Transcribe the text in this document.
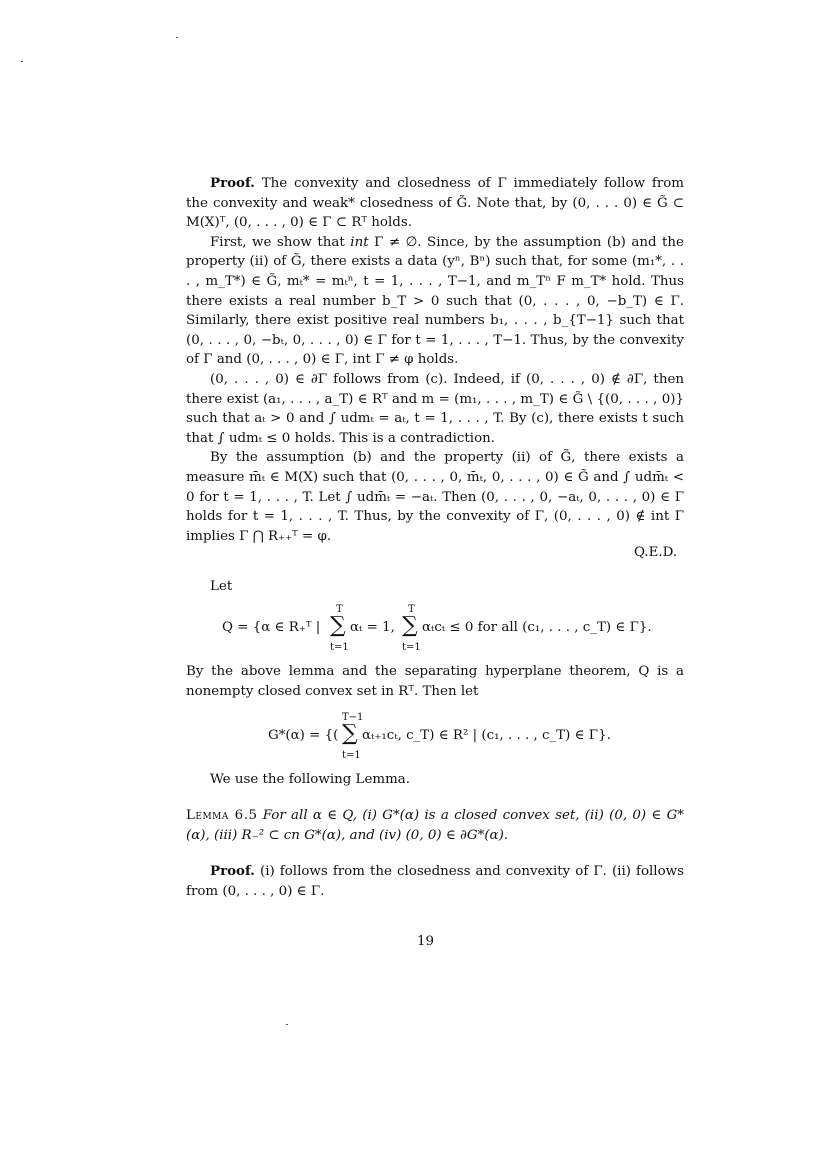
Proof. The convexity and closedness of Γ immediately follow from the convexity and weak* closedness of G̃. Note that, by (0, . . . 0) ∈ G̃ ⊂ M(X)ᵀ, (0, . . . , 0) ∈ Γ ⊂ Rᵀ holds.

First, we show that int Γ ≠ ∅. Since, by the assumption (b) and the property (ii) of G̃, there exists a data (yⁿ, Bⁿ) such that, for some (m₁*, . . . , m_T*) ∈ G̃, mₜ* = mₜⁿ, t = 1, . . . , T−1, and m_Tⁿ F m_T* hold. Thus there exists a real number b_T > 0 such that (0, . . . , 0, −b_T) ∈ Γ. Similarly, there exist positive real numbers b₁, . . . , b_{T−1} such that (0, . . . , 0, −bₜ, 0, . . . , 0) ∈ Γ for t = 1, . . . , T−1. Thus, by the convexity of Γ and (0, . . . , 0) ∈ Γ, int Γ ≠ φ holds.

(0, . . . , 0) ∈ ∂Γ follows from (c). Indeed, if (0, . . . , 0) ∉ ∂Γ, then there exist (a₁, . . . , a_T) ∈ Rᵀ and m = (m₁, . . . , m_T) ∈ G̃ \ {(0, . . . , 0)} such that aₜ > 0 and ∫ udmₜ = aₜ, t = 1, . . . , T. By (c), there exists t such that ∫ udmₜ ≤ 0 holds. This is a contradiction.

By the assumption (b) and the property (ii) of G̃, there exists a measure m̄ₜ ∈ M(X) such that (0, . . . , 0, m̄ₜ, 0, . . . , 0) ∈ G̃ and ∫ udm̄ₜ < 0 for t = 1, . . . , T. Let ∫ udm̄ₜ = −aₜ. Then (0, . . . , 0, −aₜ, 0, . . . , 0) ∈ Γ holds for t = 1, . . . , T. Thus, by the convexity of Γ, (0, . . . , 0) ∉ int Γ implies Γ ⋂ R₊₊ᵀ = φ.

Q.E.D.
Let
Q = {α ∈ R₊ᵀ | ∑
T
t=1
αₜ = 1, ∑
T
t=1
αₜcₜ ≤ 0 for all (c₁, . . . , c_T) ∈ Γ}.

By the above lemma and the separating hyperplane theorem, Q is a nonempty closed convex set in Rᵀ. Then let

G*(α) = {( ∑
T−1
t=1
αₜ₊₁cₜ, c_T) ∈ R² | (c₁, . . . , c_T) ∈ Γ}.
We use the following Lemma.

Lemma 6.5 For all α ∈ Q, (i) G*(α) is a closed convex set, (ii) (0, 0) ∈ G*(α), (iii) R₋² ⊂ cn G*(α), and (iv) (0, 0) ∈ ∂G*(α).

Proof. (i) follows from the closedness and convexity of Γ. (ii) follows from (0, . . . , 0) ∈ Γ.

19
